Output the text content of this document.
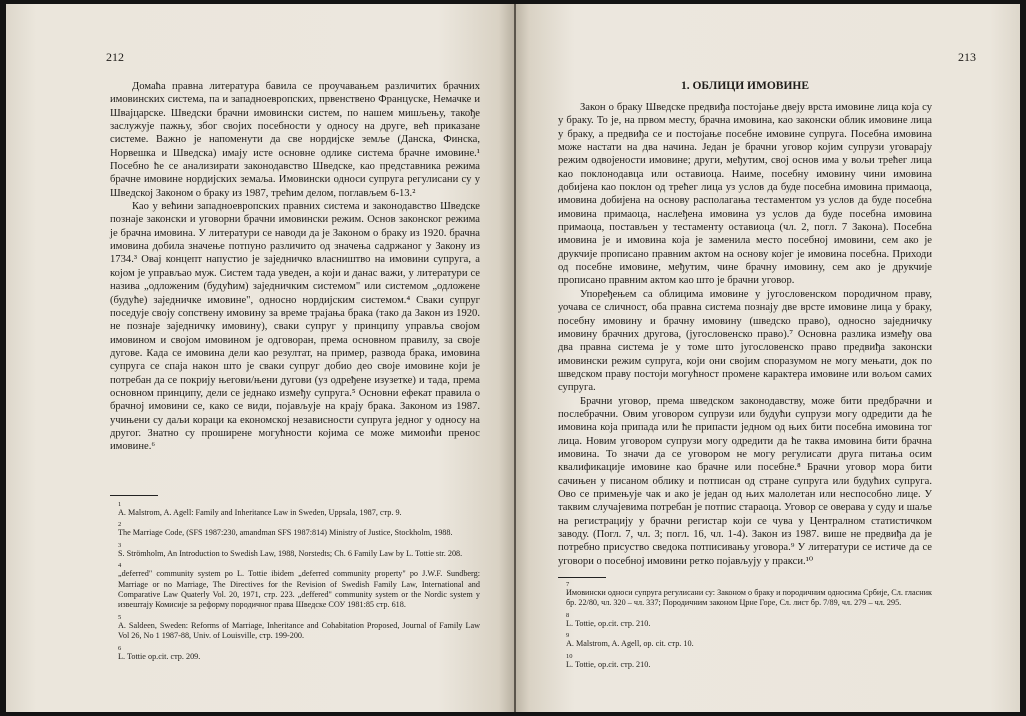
212

Домаћа правна литература бавила се проучавањем различитих брачних имовинских система, па и западноевропских, првенствено Француске, Немачке и Швајцарске. Шведски брачни имовински систем, по нашем мишљењу, такође заслужује пажњу, због својих посебности у односу на друге, већ приказане системе. Важно је напоменути да све нордијске земље (Данска, Финска, Норвешка и Шведска) имају исте основне одлике система брачне имовине.¹ Посебно ће се анализирати законодавство Шведске, као представника режима брачне имовине нордијских земаља. Имовински односи супруга регулисани су у Шведској Законом о браку из 1987, трећим делом, поглављем 6-13.²

Као у већини западноевропских правних система и законодавство Шведске познаје законски и уговорни брачни имовински режим. Основ законског режима је брачна имовина. У литератури се наводи да је Законом о браку из 1920. брачна имовина добила значење потпуно различито од значења садржаног у Закону из 1734.³ Овај концепт напустио је заједничко власништво на имовини супруга, а којом је управљао муж. Систем тада уведен, а који и данас важи, у литератури се назива „одложеним (будућим) заједничким системом" или системом „одложене (будуће) заједничке имовине", односно нордијским системом.⁴ Сваки супруг поседује своју сопствену имовину за време трајања брака (тако да Закон из 1920. не познаје заједничку имовину), сваки супруг у принципу управља својом имовином и својом имовином је одговоран, према основном правилу, за своје дугове. Када се имовина дели као резултат, на пример, развода брака, имовина супруга се спаја након што је сваки супруг добио део своје имовине који је потребан да се покрију његови/њени дугови (уз одређене изузетке) и тада, према основном принципу, дели се једнако између супруга.⁵ Основни ефекат правила о брачној имовини се, како се види, појављује на крају брака. Законом из 1987. учињени су даљи кораци ка економској независности супруга једног у односу на другог. Знатно су проширене могућности којима се може мимоићи пренос имовине.⁶

1
A. Malstrom, A. Agell: Family and Inheritance Law in Sweden, Uppsala, 1987, стр. 9.
2
The Marriage Code, (SFS 1987:230, amandman SFS 1987:814) Ministry of Justice, Stockholm, 1988.
3
S. Strömholm, An Introduction to Swedish Law, 1988, Norstedts; Ch. 6 Family Law by L. Tottie str. 208.
4
„deferred" community system po L. Tottie ibidem „deferred community property" po J.W.F. Sundberg: Marriage or no Marriage, The Directives for the Revision of Swedish Family Law, International and Comparative Law Quaterly Vol. 20, 1971, стр. 223. „deffered" community system or the Nordic system у извештају Комисије за реформу породичног права Шведске СОУ 1981:85 стр. 618.
5
A. Saldeen, Sweden: Reforms of Marriage, Inheritance and Cohabitation Proposed, Journal of Family Law Vol 26, No 1 1987-88, Univ. of Louisville, стр. 199-200.
6
L. Tottie op.cit. стр. 209.
213
1. ОБЛИЦИ ИМОВИНЕ

Закон о браку Шведске предвиђа постојање двеју врста имовине лица која су у браку. То је, на првом месту, брачна имовина, као законски облик имовине лица у браку, а предвиђа се и постојање посебне имовине супруга. Посебна имовина може настати на два начина. Један је брачни уговор којим супрузи уговарају режим одвојености имовине; други, међутим, свој основ има у вољи трећег лица као поклонодавца или оставиоца. Наиме, посебну имовину чини имовина добијена као поклон од трећег лица уз услов да буде посебна имовина примаоца, имовина добијена на основу располагања тестаментом уз услов да буде посебна имовина примаоца, наслеђена имовина уз услов да буде посебна имовина примаоца, постављен у тестаменту оставиоца (чл. 2, погл. 7 Закона). Посебна имовина је и имовина која је заменила место посебној имовини, сем ако је друкчије прописано правним актом на основу којег је имовина посебна. Приходи од посебне имовине, међутим, чине брачну имовину, сем ако је друкчије прописано правним актом као што је брачни уговор.

Упоређењем са облицима имовине у југословенском породичном праву, уочава се сличност, оба правна система познају две врсте имовине лица у браку, посебну имовину и брачну имовину (шведско право), односно заједничку имовину брачних другова, (југословенско право).⁷ Основна разлика између ова два правна система је у томе што југословенско право предвиђа законски имовински режим супруга, који они својим споразумом не могу мењати, док по шведском праву постоји могућност промене карактера имовине или вољом самих супруга.

Брачни уговор, према шведском законодавству, може бити предбрачни и послебрачни. Овим уговором супрузи или будући супрузи могу одредити да ће имовина која припада или ће припасти једном од њих бити посебна имовина тог лица. Новим уговором супрузи могу одредити да ће таква имовина бити брачна имовина. То значи да се уговором не могу регулисати друга питања осим квалификације имовине као брачне или посебне.⁸ Брачни уговор мора бити сачињен у писаном облику и потписан од стране супруга или будућих супруга. Ово се примењује чак и ако је један од њих малолетан или неспособно лице. У таквим случајевима потребан је потпис стараоца. Уговор се оверава у суду и шаље на регистрацију у брачни регистар који се чува у Централном статистичком заводу. (Погл. 7, чл. 3; погл. 16, чл. 1-4). Закон из 1987. више не предвиђа да је потребно присуство сведока потписивању уговора.⁹ У литератури се истиче да се уговори о посебној имовини ретко појављују у пракси.¹⁰

7
Имовински односи супруга регулисани су: Законом о браку и породичним односима Србије, Сл. гласник бр. 22/80, чл. 320 – чл. 337; Породичним законом Црне Горе, Сл. лист бр. 7/89, чл. 279 – чл. 295.
8
L. Tottie, op.cit. стр. 210.
9
A. Malstrom, A. Agell, op. cit. стр. 10.
10
L. Tottie, op.cit. стр. 210.
